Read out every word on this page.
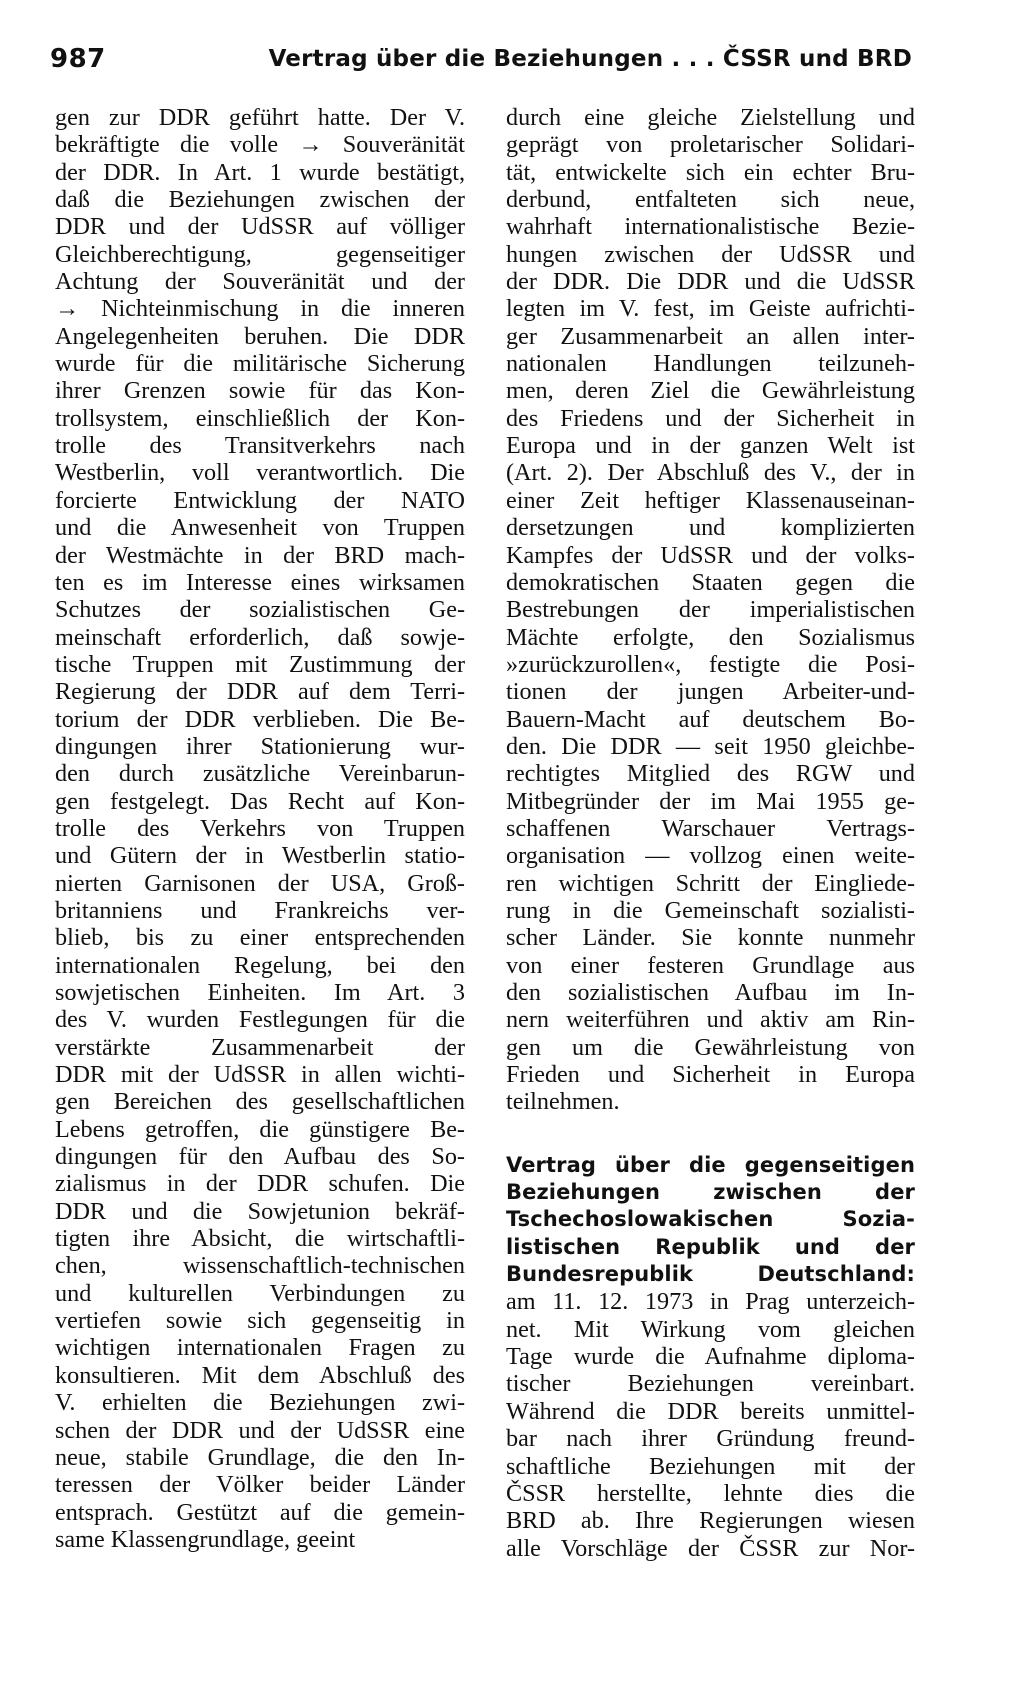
987	Vertrag über die Beziehungen . . . ČSSR und BRD
gen zur DDR geführt hatte. Der V.
bekräftigte die volle → Souveränität
der DDR. In Art. 1 wurde bestätigt,
daß die Beziehungen zwischen der
DDR und der UdSSR auf völliger
Gleichberechtigung, gegenseitiger
Achtung der Souveränität und der
→ Nichteinmischung in die inneren
Angelegenheiten beruhen. Die DDR
wurde für die militärische Sicherung
ihrer Grenzen sowie für das Kon-
trollsystem, einschließlich der Kon-
trolle des Transitverkehrs nach
Westberlin, voll verantwortlich. Die
forcierte Entwicklung der NATO
und die Anwesenheit von Truppen
der Westmächte in der BRD mach-
ten es im Interesse eines wirksamen
Schutzes der sozialistischen Ge-
meinschaft erforderlich, daß sowje-
tische Truppen mit Zustimmung der
Regierung der DDR auf dem Terri-
torium der DDR verblieben. Die Be-
dingungen ihrer Stationierung wur-
den durch zusätzliche Vereinbarun-
gen festgelegt. Das Recht auf Kon-
trolle des Verkehrs von Truppen
und Gütern der in Westberlin statio-
nierten Garnisonen der USA, Groß-
britanniens und Frankreichs ver-
blieb, bis zu einer entsprechenden
internationalen Regelung, bei den
sowjetischen Einheiten. Im Art. 3
des V. wurden Festlegungen für die
verstärkte Zusammenarbeit der
DDR mit der UdSSR in allen wichti-
gen Bereichen des gesellschaftlichen
Lebens getroffen, die günstigere Be-
dingungen für den Aufbau des So-
zialismus in der DDR schufen. Die
DDR und die Sowjetunion bekräf-
tigten ihre Absicht, die wirtschaftli-
chen, wissenschaftlich-technischen
und kulturellen Verbindungen zu
vertiefen sowie sich gegenseitig in
wichtigen internationalen Fragen zu
konsultieren. Mit dem Abschluß des
V. erhielten die Beziehungen zwi-
schen der DDR und der UdSSR eine
neue, stabile Grundlage, die den In-
teressen der Völker beider Länder
entsprach. Gestützt auf die gemein-
same Klassengrundlage, geeint
durch eine gleiche Zielstellung und
geprägt von proletarischer Solidari-
tät, entwickelte sich ein echter Bru-
derbund, entfalteten sich neue,
wahrhaft internationalistische Bezie-
hungen zwischen der UdSSR und
der DDR. Die DDR und die UdSSR
legten im V. fest, im Geiste aufrichti-
ger Zusammenarbeit an allen inter-
nationalen Handlungen teilzuneh-
men, deren Ziel die Gewährleistung
des Friedens und der Sicherheit in
Europa und in der ganzen Welt ist
(Art. 2). Der Abschluß des V., der in
einer Zeit heftiger Klassenauseinan-
dersetzungen und komplizierten
Kampfes der UdSSR und der volks-
demokratischen Staaten gegen die
Bestrebungen der imperialistischen
Mächte erfolgte, den Sozialismus
»zurückzurollen«, festigte die Posi-
tionen der jungen Arbeiter-und-
Bauern-Macht auf deutschem Bo-
den. Die DDR — seit 1950 gleichbe-
rechtigtes Mitglied des RGW und
Mitbegründer der im Mai 1955 ge-
schaffenen Warschauer Vertrags-
organisation — vollzog einen weite-
ren wichtigen Schritt der Eingliede-
rung in die Gemeinschaft sozialisti-
scher Länder. Sie konnte nunmehr
von einer festeren Grundlage aus
den sozialistischen Aufbau im In-
nern weiterführen und aktiv am Rin-
gen um die Gewährleistung von
Frieden und Sicherheit in Europa
teilnehmen.
Vertrag über die gegenseitigen
Beziehungen zwischen der
Tschechoslowakischen Sozia-
listischen Republik und der
Bundesrepublik Deutschland:
am 11. 12. 1973 in Prag unterzeich-
net. Mit Wirkung vom gleichen
Tage wurde die Aufnahme diploma-
tischer Beziehungen vereinbart.
Während die DDR bereits unmittel-
bar nach ihrer Gründung freund-
schaftliche Beziehungen mit der
ČSSR herstellte, lehnte dies die
BRD ab. Ihre Regierungen wiesen
alle Vorschläge der ČSSR zur Nor-
